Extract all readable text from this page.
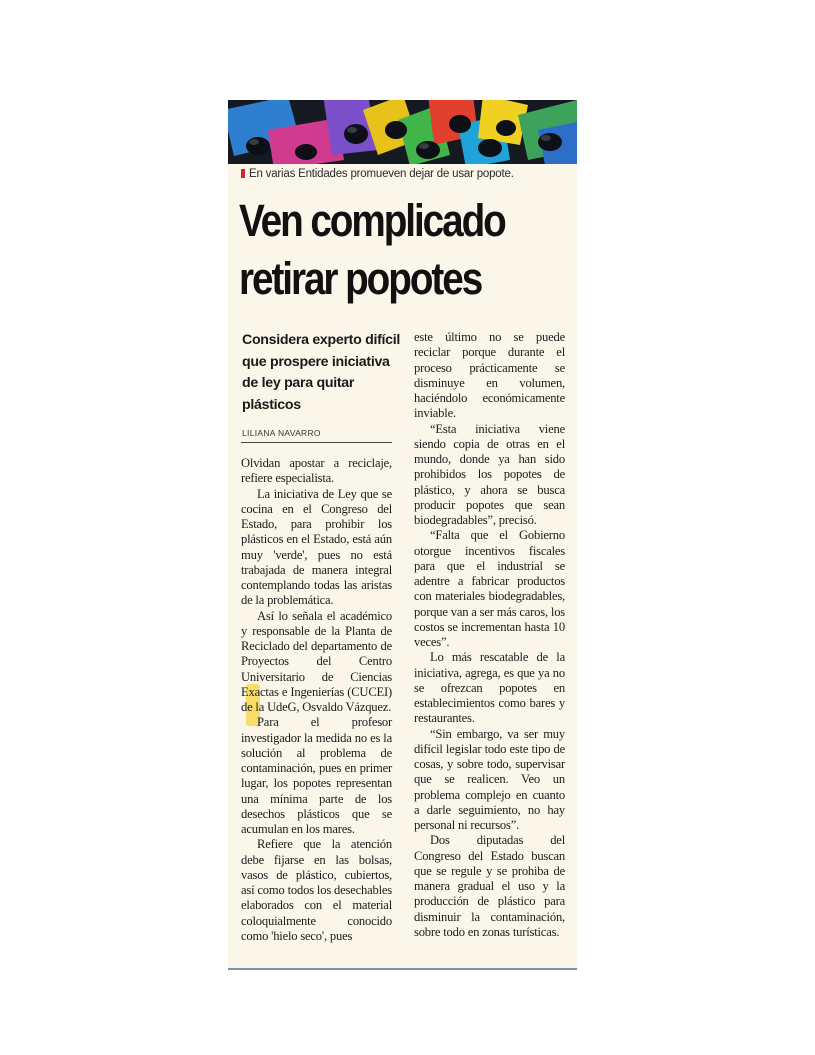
En varias Entidades promueven dejar de usar popote.
Ven complicado
retirar popotes
Considera experto difícil que prospere iniciativa de ley para quitar plásticos
LILIANA NAVARRO

Olvidan apostar a reciclaje, refiere especialista.

La iniciativa de Ley que se cocina en el Congreso del Estado, para prohibir los plásticos en el Estado, está aún muy 'verde', pues no está trabajada de manera integral contemplando todas las aristas de la problemática.

Así lo señala el académico y responsable de la Planta de Reciclado del departamento de Proyectos del Centro Universitario de Ciencias Exactas e Ingenierías (CUCEI) de la UdeG, Osvaldo Vázquez.

Para el profesor investigador la medida no es la solución al problema de contaminación, pues en primer lugar, los popotes representan una mínima parte de los desechos plásticos que se acumulan en los mares.

Refiere que la atención debe fijarse en las bolsas, vasos de plástico, cubiertos, así como todos los desechables elaborados con el material coloquialmente conocido como 'hielo seco', pues

este último no se puede reciclar porque durante el proceso prácticamente se disminuye en volumen, haciéndolo económicamente inviable.

“Esta iniciativa viene siendo copia de otras en el mundo, donde ya han sido prohibidos los popotes de plástico, y ahora se busca producir popotes que sean biodegradables”, precisó.

“Falta que el Gobierno otorgue incentivos fiscales para que el industrial se adentre a fabricar productos con materiales biodegradables, porque van a ser más caros, los costos se incrementan hasta 10 veces”.

Lo más rescatable de la iniciativa, agrega, es que ya no se ofrezcan popotes en establecimientos como bares y restaurantes.

“Sin embargo, va ser muy difícil legislar todo este tipo de cosas, y sobre todo, supervisar que se realicen. Veo un problema complejo en cuanto a darle seguimiento, no hay personal ni recursos”.

Dos diputadas del Congreso del Estado buscan que se regule y se prohiba de manera gradual el uso y la producción de plástico para disminuir la contaminación, sobre todo en zonas turísticas.
